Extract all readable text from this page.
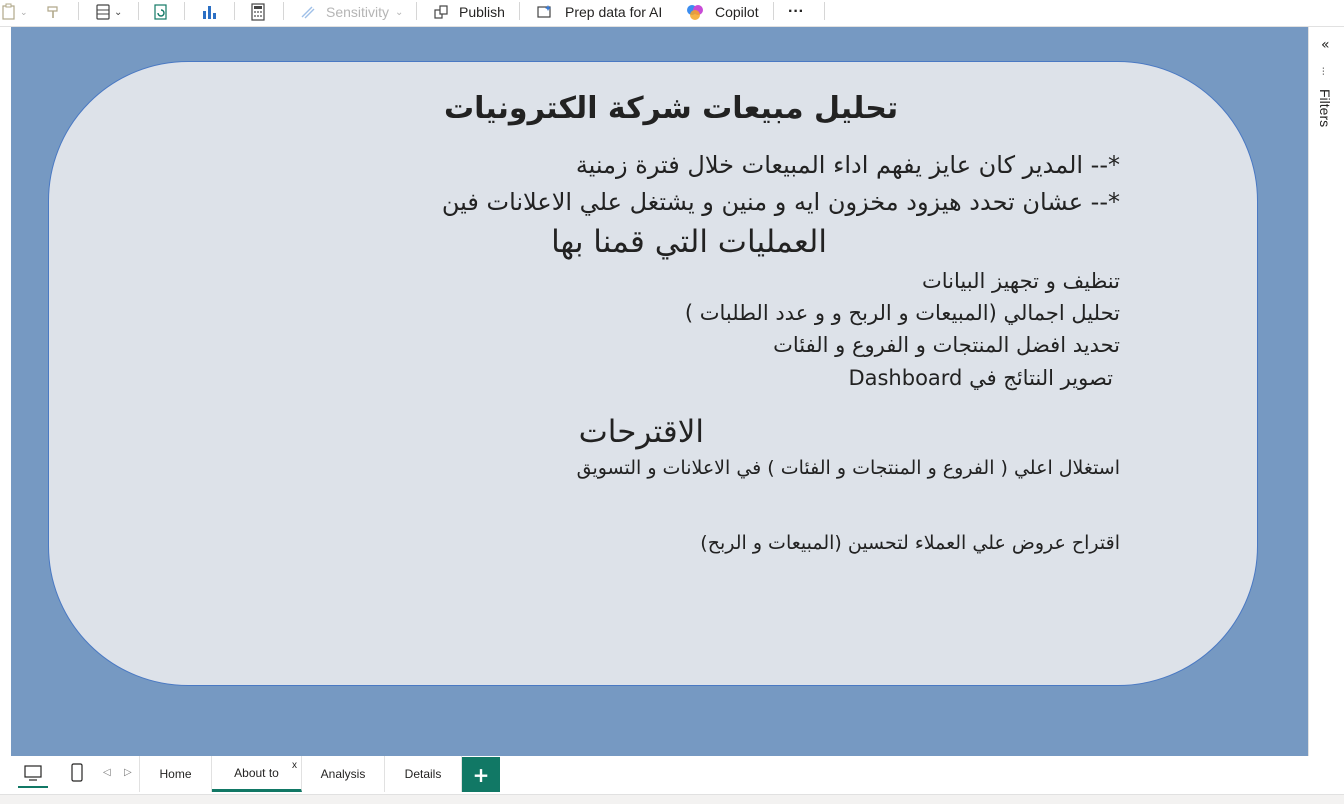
⌄	⌄	Sensitivity ⌄	Publish	Prep data for AI	Copilot ···
تحليل مبيعات شركة الكترونيات
*-- المدير كان عايز يفهم اداء المبيعات خلال فترة زمنية
*-- عشان تحدد هيزود مخزون ايه و منين و يشتغل علي الاعلانات فين
العمليات التي قمنا بها
تنظيف و تجهيز البيانات
تحليل اجمالي (المبيعات و الربح و و عدد الطلبات )
تحديد افضل المنتجات و الفروع و الفئات
تصوير النتائج في Dashboard
الاقترحات
استغلال اعلي ( الفروع و المنتجات و الفئات ) في الاعلانات و التسويق
اقتراح عروض علي العملاء لتحسين (المبيعات و الربح)
«
⫶
Filters
◁ ▷ Home	About to x
Analysis	Details	+
